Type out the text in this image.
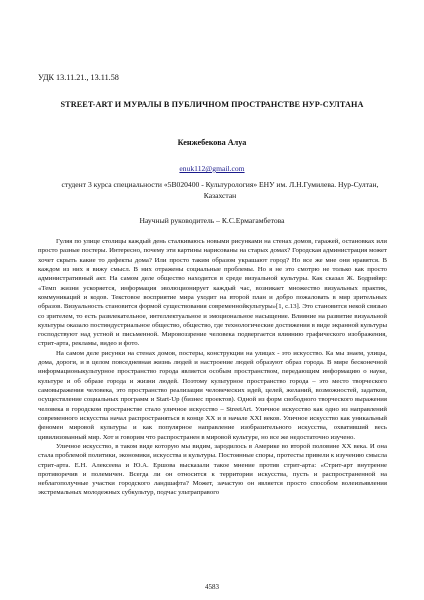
УДК 13.11.21., 13.11.58
STREET-ART И МУРАЛЫ В ПУБЛИЧНОМ ПРОСТРАНСТВЕ НУР-СУЛТАНА
Кенжебекова Алуа
enuk112@gmail.com
студент 3 курса специальности «5В020400 - Культурология» ЕНУ им. Л.Н.Гумилева. Нур-Султан, Казахстан
Научный руководитель – К.С.Ермагамбетова

Гуляя по улице столицы каждый день сталкиваюсь новыми рисунками на стенах домов, гаражей, остановках или просто разные постеры. Интересно, почему эти картины нарисованы на старых домах? Городская администрация может хочет скрыть какие то дефекты дома? Или просто таким образом украшают город? Но все же мне они нравятся. В каждом из них я вижу смысл. В них отражены социальные проблемы. Но я не это смотрю не только как просто административный акт. На самом деле общество находится в среде визуальной культуры. Как сказал Ж. Бодрийяр: «Темп жизни ускоряется, информация эволюционирует каждый час, возникает множество визуальных практик, коммуникаций и кодов. Текстовое восприятие мира уходит на второй план и добро пожаловать в мир зрительных образов. Визуальность становится формой существования современнойкультуры»[1, с.13]. Это становится некой связью со зрителем, то есть развлекательное, интеллектуальное и эмоциональное насыщение. Влияние на развитие визуальной культуры оказало постиндустриальное общество, общество, где технологические достижения в виде экранной культуры господствуют над устной и письменной. Мировоззрение человека подвергается влиянию графического изображения, стрит-арта, рекламы, видео и фото.

На самом деле рисунки на стенах домов, постеры, конструкции на улицах - это искусство. Ка мы знаем, улицы, дома, дороги, и в целом повседневная жизнь людей и настроение людей образуют образ города. В мире бесконечной информационыкультурное пространство города является особым пространством, передающим информацию о науке, культуре и об образе города и жизни людей. Поэтому культурное пространство города – это место творческого самовыражения человека, это пространство реализации человеческих идей, целей, желаний, возможностей, задатков, осуществление социальных программ и Start-Up (бизнес проектов). Одной из форм свободного творческого выражения человека в городском пространстве стало уличное искусство – StreetArt. Уличное искусство как одно из направлений современного искусства начал распространяться в конце XX и в начале XXI веков. Уличное искусство как уникальный феномен мировой культуры и как популярное направление изобразительного искусства, охвативший весь цивилизованный мир. Хот и говорим что распространен в мировой культуре, но все же недостаточно изучено.

Уличное искусство, в таком виде которую мы видим, зародилось в Америке во второй половине XX века. И она стала проблемой политики, экономики, искусства и культуры. Постоянные споры, протесты привели к изучению смысла стрит-арта. Е.Н. Алексеева и Ю.А. Ершова высказали такое мнение против стрит-арта: «Стрит-арт внутренне противоречив и полемичен. Всегда ли он относится к территории искусства, пусть и распространенной на неблагополучные участки городского ландшафта? Может, зачастую он является просто способом волеизъявления экстремальных молодежных субкультур, подчас ультраправого

4583
